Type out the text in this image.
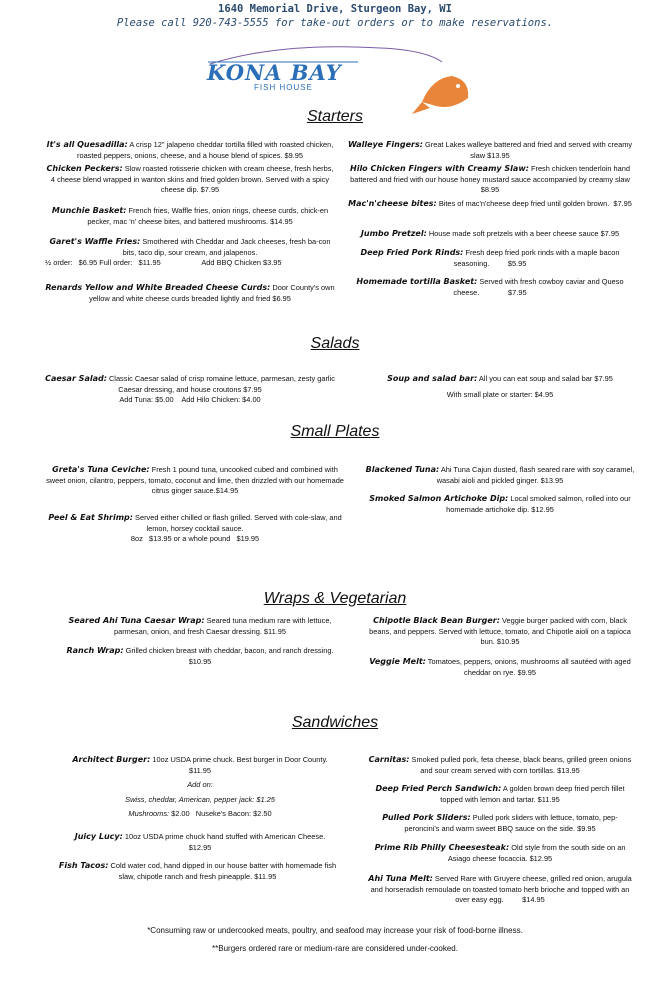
1640 Memorial Drive, Sturgeon Bay, WI
Please call 920-743-5555 for take-out orders or to make reservations.
KONA BAY
FISH HOUSE
Starters
It's all Quesadilla: A crisp 12" jalapeno cheddar tortilla filled with roasted chicken, roasted peppers, onions, cheese, and a house blend of spices. $9.95
Chicken Peckers: Slow roasted rotisserie chicken with cream cheese, fresh herbs, 4 cheese blend wrapped in wanton skins and fried golden brown. Served with a spicy cheese dip. $7.95
Munchie Basket: French fries, Waffle fries, onion rings, cheese curds, chick-en pecker, mac 'n' cheese bites, and battered mushrooms. $14.95
Garet's Waffle Fries: Smothered with Cheddar and Jack cheeses, fresh ba-con bits, taco dip, sour cream, and jalapenos.

½ order:   $6.95 Full order:   $11.95                    Add BBQ Chicken $3.95
Renards Yellow and White Breaded Cheese Curds: Door County's own yellow and white cheese curds breaded lightly and fried $6.95
Walleye Fingers: Great Lakes walleye battered and fried and served with creamy slaw $13.95
Hilo Chicken Fingers with Creamy Slaw: Fresh chicken tenderloin hand battered and fried with our house honey mustard sauce accompanied by creamy slaw $8.95
Mac'n'cheese bites: Bites of mac'n'cheese deep fried until golden brown.  $7.95
Jumbo Pretzel: House made soft pretzels with a beer cheese sauce $7.95
Deep Fried Pork Rinds: Fresh deep fried pork rinds with a maple bacon seasoning.         $5.95
Homemade tortilla Basket: Served with fresh cowboy caviar and Queso cheese.              $7.95
Salads
Caesar Salad: Classic Caesar salad of crisp romaine lettuce, parmesan, zesty garlic Caesar dressing, and house croutons $7.95
Add Tuna: $5.00    Add Hilo Chicken: $4.00
Soup and salad bar: All you can eat soup and salad bar $7.95

With small plate or starter: $4.95
Small Plates
Greta's Tuna Ceviche: Fresh 1 pound tuna, uncooked cubed and combined with sweet onion, cilantro, peppers, tomato, coconut and lime, then drizzled with our homemade citrus ginger sauce.$14.95
Peel & Eat Shrimp: Served either chilled or flash grilled. Served with cole-slaw, and lemon, horsey cocktail sauce.
8oz   $13.95 or a whole pound   $19.95
Blackened Tuna: Ahi Tuna Cajun dusted, flash seared rare with soy caramel, wasabi aioli and pickled ginger. $13.95
Smoked Salmon Artichoke Dip: Local smoked salmon, rolled into our homemade artichoke dip. $12.95
Wraps & Vegetarian
Seared Ahi Tuna Caesar Wrap: Seared tuna medium rare with lettuce, parmesan, onion, and fresh Caesar dressing. $11.95
Ranch Wrap: Grilled chicken breast with cheddar, bacon, and ranch dressing.   $10.95
Chipotle Black Bean Burger: Veggie burger packed with corn, black beans, and peppers. Served with lettuce, tomato, and Chipotle aioli on a tapioca bun. $10.95
Veggie Melt: Tomatoes, peppers, onions, mushrooms all sautéed with aged cheddar on rye. $9.95
Sandwiches
Architect Burger: 10oz USDA prime chuck. Best burger in Door County. $11.95
Add on:
Swiss, cheddar, American, pepper jack: $1.25
Mushrooms: $2.00   Nuseke's Bacon: $2.50
Juicy Lucy: 10oz USDA prime chuck hand stuffed with American Cheese. $12.95
Fish Tacos: Cold water cod, hand dipped in our house batter with homemade fish slaw, chipotle ranch and fresh pineapple. $11.95
Carnitas: Smoked pulled pork, feta cheese, black beans, grilled green onions and sour cream served with corn tortillas. $13.95
Deep Fried Perch Sandwich: A golden brown deep fried perch fillet topped with lemon and tartar. $11.95
Pulled Pork Sliders: Pulled pork sliders with lettuce, tomato, pep-peroncini's and warm sweet BBQ sauce on the side. $9.95
Prime Rib Philly Cheesesteak: Old style from the south side on an Asiago cheese focaccia. $12.95
Ahi Tuna Melt: Served Rare with Gruyere cheese, grilled red onion, arugula and horseradish remoulade on toasted tomato herb brioche and topped with an over easy egg.         $14.95
*Consuming raw or undercooked meats, poultry, and seafood may increase your risk of food-borne illness.
**Burgers ordered rare or medium-rare are considered under-cooked.
